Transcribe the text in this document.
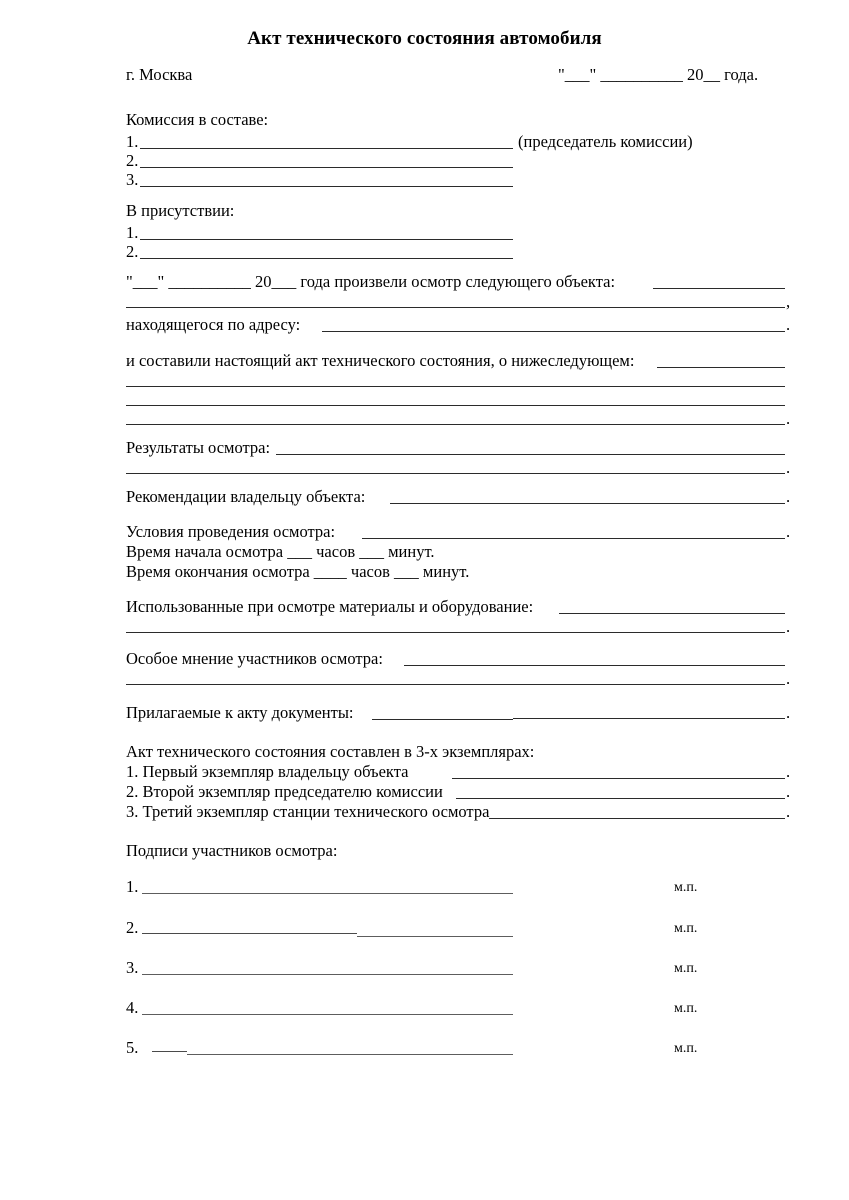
Акт технического состояния автомобиля
г. Москва	"___" __________ 20__ года.
Комиссия в составе:
1.	(председатель комиссии)
2.
3.
В присутствии:
1.
2.
"___" __________ 20___ года произвели осмотр следующего объекта:
,
находящегося по адресу:	.
и составили настоящий акт технического состояния, о нижеследующем:
.
Результаты осмотра:
.
Рекомендации владельцу объекта:	.
Условия проведения осмотра:	.
Время начала осмотра ___ часов ___ минут.
Время окончания осмотра ____ часов ___ минут.
Использованные при осмотре материалы и оборудование:
.
Особое мнение участников осмотра:
.
Прилагаемые к акту документы:	.
Акт технического состояния составлен в 3-х экземплярах:
1. Первый экземпляр владельцу объекта	.
2. Второй экземпляр председателю комиссии	.
3. Третий экземпляр станции технического осмотра	.
Подписи участников осмотра:
1.	м.п.
2.	м.п.
3.	м.п.
4.	м.п.
5.	м.п.
